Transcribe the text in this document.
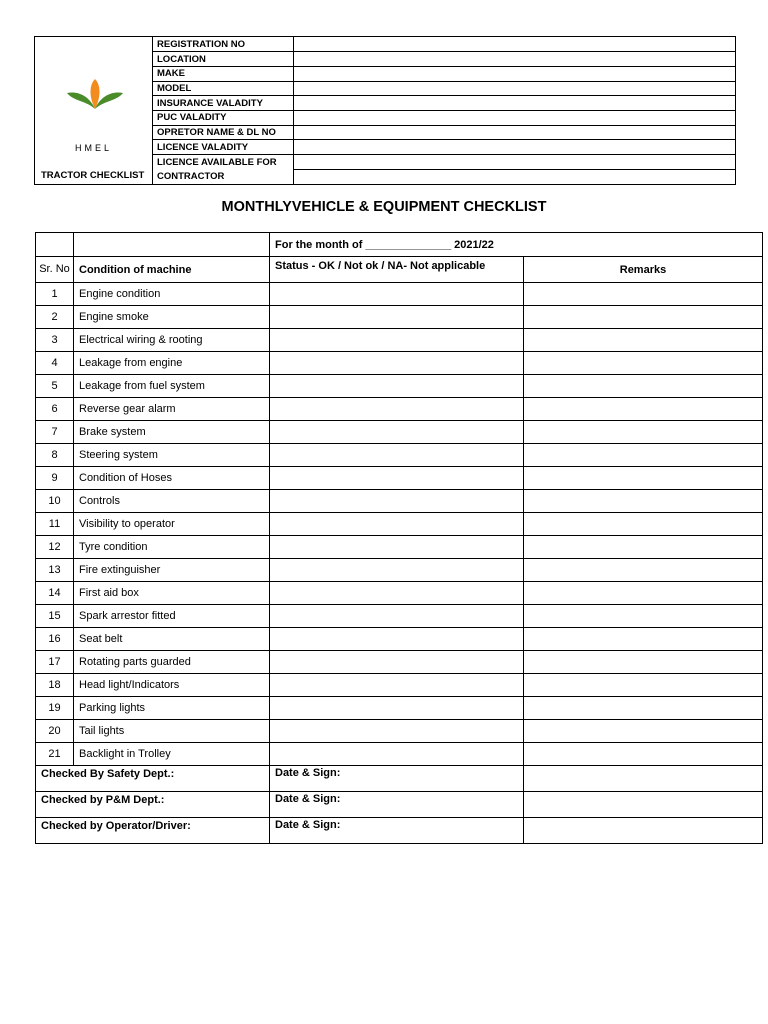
HMEL
TRACTOR CHECKLIST
REGISTRATION NO	
LOCATION	
MAKE	
MODEL	
INSURANCE VALADITY	
PUC VALADITY	
OPRETOR NAME & DL NO	
LICENCE VALADITY	
LICENCE AVAILABLE FOR	
CONTRACTOR	
MONTHLYVEHICLE & EQUIPMENT CHECKLIST
		For the month of ______________ 2021/22	
Sr. No	Condition of machine	Status - OK / Not ok / NA- Not applicable	Remarks
1	Engine condition		
2	Engine smoke		
3	Electrical wiring & rooting		
4	Leakage from engine		
5	Leakage from fuel system		
6	Reverse gear alarm		
7	Brake system		
8	Steering system		
9	Condition of Hoses		
10	Controls		
11	Visibility to operator		
12	Tyre condition		
13	Fire extinguisher		
14	First aid box		
15	Spark arrestor fitted		
16	Seat belt		
17	Rotating parts guarded		
18	Head light/Indicators		
19	Parking lights		
20	Tail lights		
21	Backlight in Trolley		
Checked By Safety Dept.:		Date & Sign:	
Checked by P&M Dept.:		Date & Sign:	
Checked by Operator/Driver:		Date & Sign:	
